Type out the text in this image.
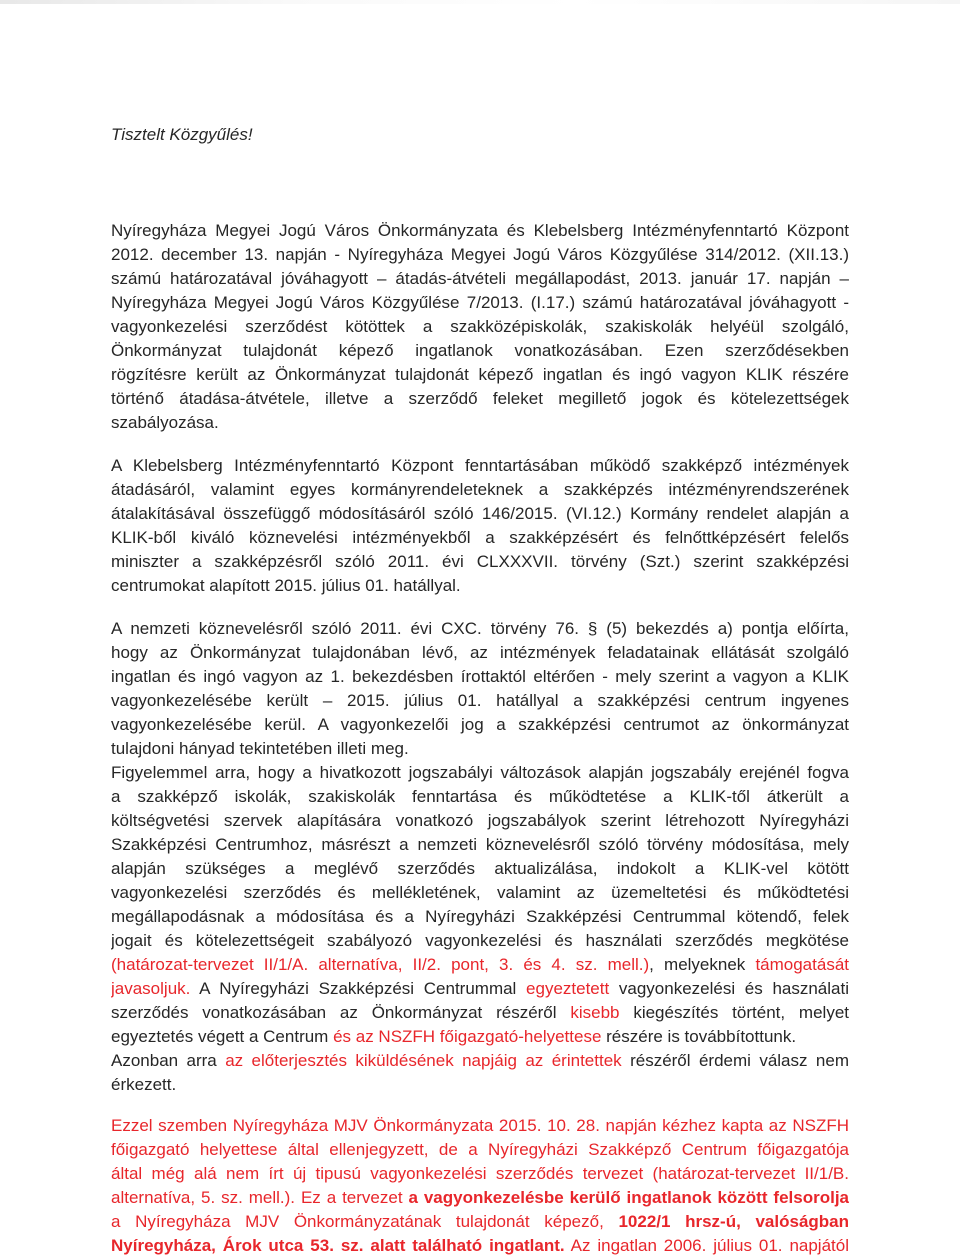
Tisztelt Közgyűlés!
Nyíregyháza Megyei Jogú Város Önkormányzata és Klebelsberg Intézményfenntartó Központ
2012. december 13. napján - Nyíregyháza Megyei Jogú Város Közgyűlése 314/2012. (XII.13.)
számú határozatával jóváhagyott – átadás-átvételi megállapodást, 2013. január 17. napján –
Nyíregyháza Megyei Jogú Város Közgyűlése 7/2013. (I.17.) számú határozatával jóváhagyott -
vagyonkezelési szerződést kötöttek a szakközépiskolák, szakiskolák helyéül szolgáló,
Önkormányzat tulajdonát képező ingatlanok vonatkozásában. Ezen szerződésekben
rögzítésre került az Önkormányzat tulajdonát képező ingatlan és ingó vagyon KLIK részére
történő átadása-átvétele, illetve a szerződő feleket megillető jogok és kötelezettségek
szabályozása.
A Klebelsberg Intézményfenntartó Központ fenntartásában működő szakképző intézmények
átadásáról, valamint egyes kormányrendeleteknek a szakképzés intézményrendszerének
átalakításával összefüggő módosításáról szóló 146/2015. (VI.12.) Kormány rendelet alapján a
KLIK-ből kiváló köznevelési intézményekből a szakképzésért és felnőttképzésért felelős
miniszter a szakképzésről szóló 2011. évi CLXXXVII. törvény (Szt.) szerint szakképzési
centrumokat alapított 2015. július 01. hatállyal.
A nemzeti köznevelésről szóló 2011. évi CXC. törvény 76. § (5) bekezdés a) pontja előírta,
hogy az Önkormányzat tulajdonában lévő, az intézmények feladatainak ellátását szolgáló
ingatlan és ingó vagyon az 1. bekezdésben írottaktól eltérően - mely szerint a vagyon a KLIK
vagyonkezelésébe került – 2015. július 01. hatállyal a szakképzési centrum ingyenes
vagyonkezelésébe kerül. A vagyonkezelői jog a szakképzési centrumot az önkormányzat
tulajdoni hányad tekintetében illeti meg.
Figyelemmel arra, hogy a hivatkozott jogszabályi változások alapján jogszabály erejénél fogva
a szakképző iskolák, szakiskolák fenntartása és működtetése a KLIK-től átkerült a
költségvetési szervek alapítására vonatkozó jogszabályok szerint létrehozott Nyíregyházi
Szakképzési Centrumhoz, másrészt a nemzeti köznevelésről szóló törvény módosítása, mely
alapján szükséges a meglévő szerződés aktualizálása, indokolt a KLIK-vel kötött
vagyonkezelési szerződés és mellékletének, valamint az üzemeltetési és működtetési
megállapodásnak a módosítása és a Nyíregyházi Szakképzési Centrummal kötendő, felek
jogait és kötelezettségeit szabályozó vagyonkezelési és használati szerződés megkötése
(határozat-tervezet II/1/A. alternatíva, II/2. pont, 3. és 4. sz. mell.), melyeknek támogatását
javasoljuk. A Nyíregyházi Szakképzési Centrummal egyeztetett vagyonkezelési és használati
szerződés vonatkozásában az Önkormányzat részéről kisebb kiegészítés történt, melyet
egyeztetés végett a Centrum és az NSZFH főigazgató-helyettese részére is továbbítottunk.
Azonban arra az előterjesztés kiküldésének napjáig az érintettek részéről érdemi válasz nem
érkezett.
Ezzel szemben Nyíregyháza MJV Önkormányzata 2015. 10. 28. napján kézhez kapta az NSZFH
főigazgató helyettese által ellenjegyzett, de a Nyíregyházi Szakképző Centrum főigazgatója
által még alá nem írt új tipusú vagyonkezelési szerződés tervezet (határozat-tervezet II/1/B.
alternatíva, 5. sz. mell.). Ez a tervezet a vagyonkezelésbe kerülő ingatlanok között felsorolja
a Nyíregyháza MJV Önkormányzatának tulajdonát képező, 1022/1 hrsz-ú, valóságban
Nyíregyháza, Árok utca 53. sz. alatt található ingatlant. Az ingatlan 2006. július 01. napjától
